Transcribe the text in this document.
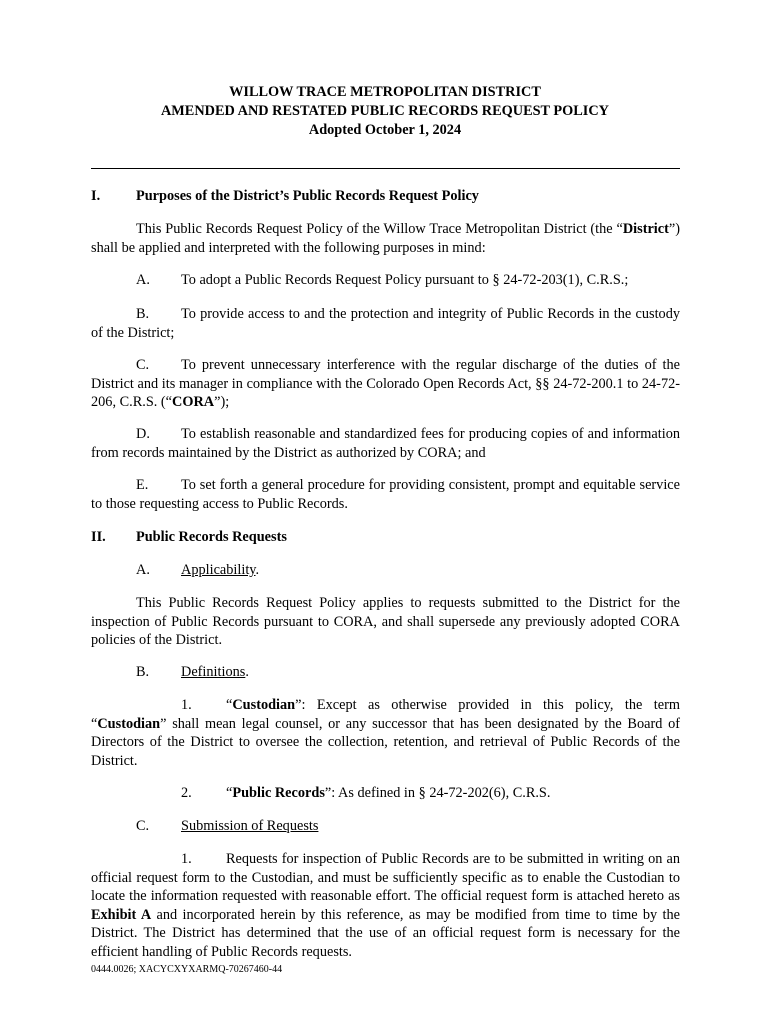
WILLOW TRACE METROPOLITAN DISTRICT
AMENDED AND RESTATED PUBLIC RECORDS REQUEST POLICY
Adopted October 1, 2024
I.	Purposes of the District’s Public Records Request Policy
This Public Records Request Policy of the Willow Trace Metropolitan District (the “District”) shall be applied and interpreted with the following purposes in mind:
A. To adopt a Public Records Request Policy pursuant to § 24-72-203(1), C.R.S.;
B. To provide access to and the protection and integrity of Public Records in the custody of the District;
C. To prevent unnecessary interference with the regular discharge of the duties of the District and its manager in compliance with the Colorado Open Records Act, §§ 24-72-200.1 to 24-72-206, C.R.S. (“CORA”);
D. To establish reasonable and standardized fees for producing copies of and information from records maintained by the District as authorized by CORA; and
E. To set forth a general procedure for providing consistent, prompt and equitable service to those requesting access to Public Records.
II. Public Records Requests
A. Applicability.
This Public Records Request Policy applies to requests submitted to the District for the inspection of Public Records pursuant to CORA, and shall supersede any previously adopted CORA policies of the District.
B. Definitions.
1. “Custodian”: Except as otherwise provided in this policy, the term “Custodian” shall mean legal counsel, or any successor that has been designated by the Board of Directors of the District to oversee the collection, retention, and retrieval of Public Records of the District.
2. “Public Records”: As defined in § 24-72-202(6), C.R.S.
C. Submission of Requests
1. Requests for inspection of Public Records are to be submitted in writing on an official request form to the Custodian, and must be sufficiently specific as to enable the Custodian to locate the information requested with reasonable effort. The official request form is attached hereto as Exhibit A and incorporated herein by this reference, as may be modified from time to time by the District. The District has determined that the use of an official request form is necessary for the efficient handling of Public Records requests.
0444.0026; XACYCXYXARMQ-70267460-44
